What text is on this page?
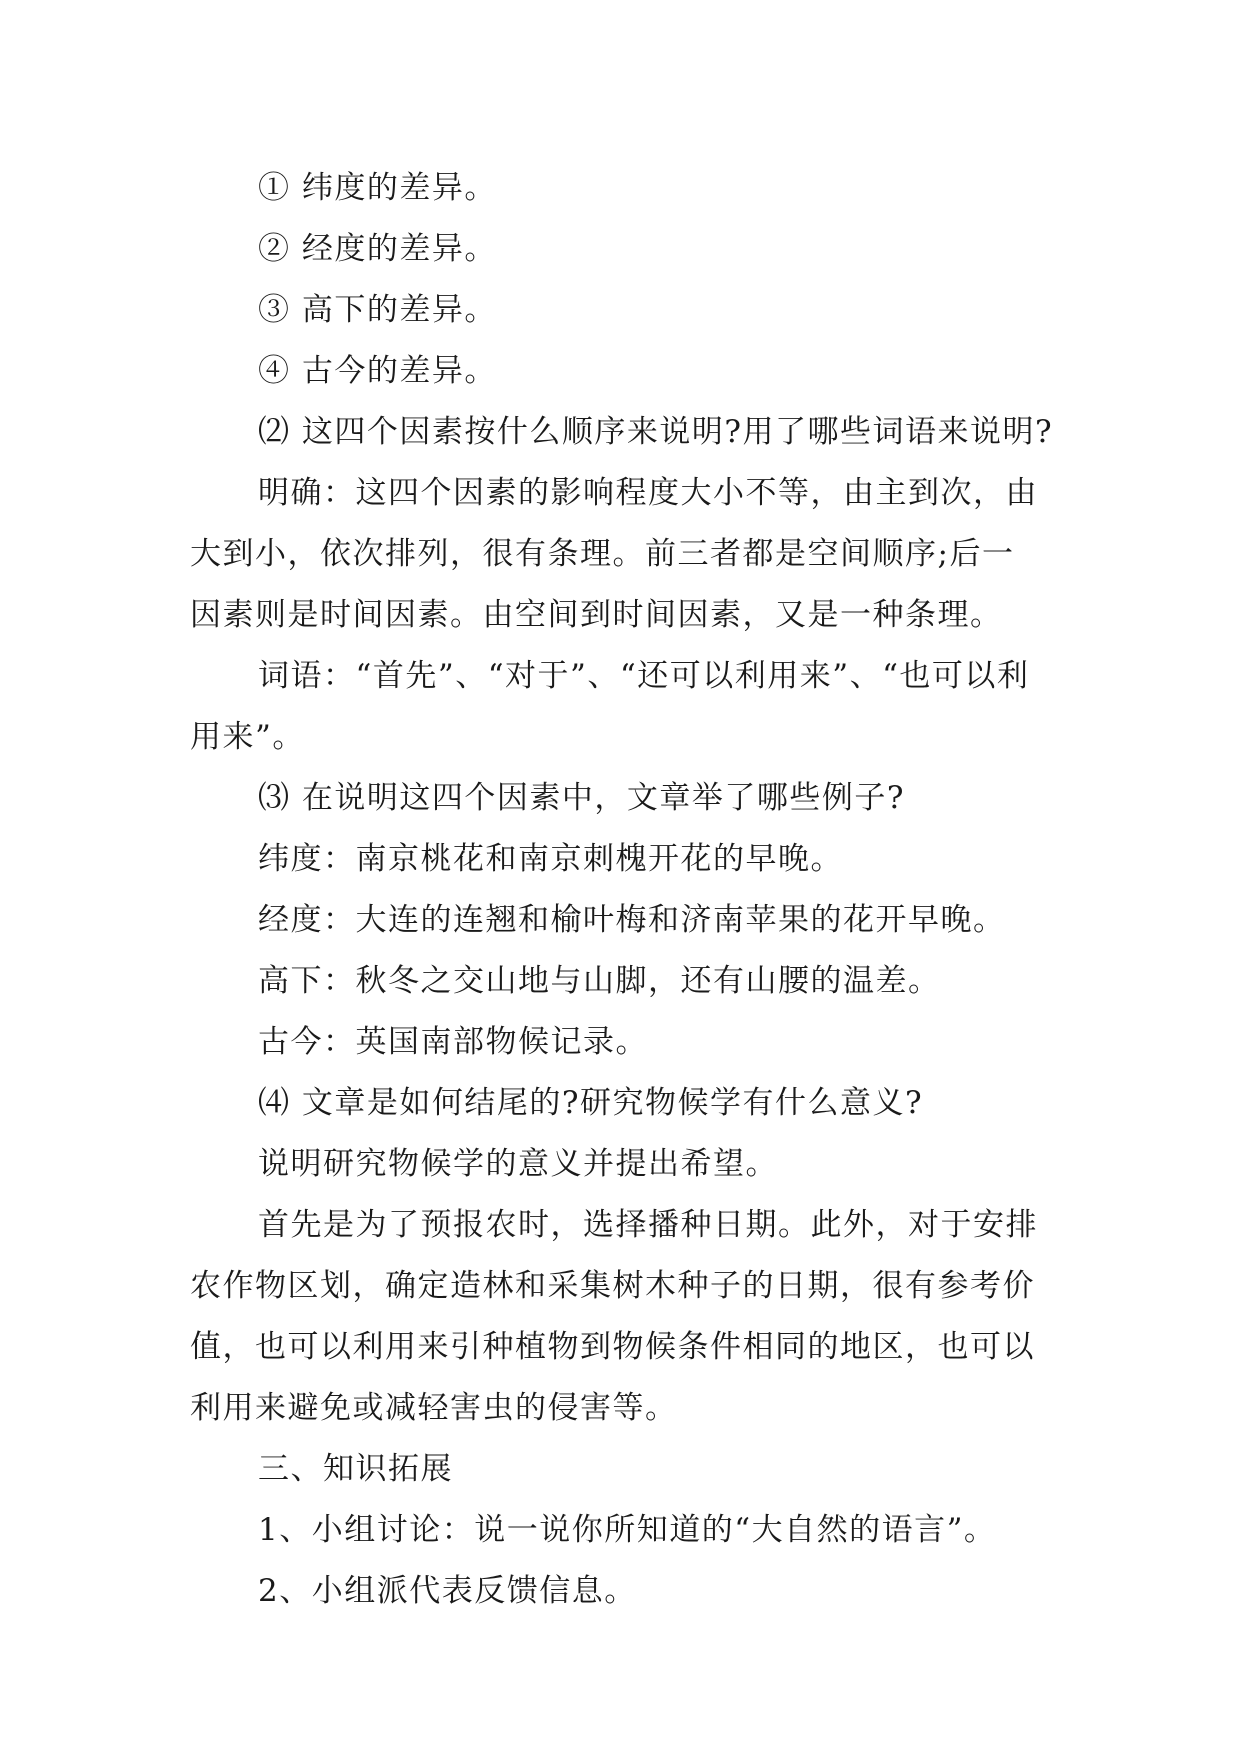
① 纬度的差异。
② 经度的差异。
③ 高下的差异。
④ 古今的差异。
⑵ 这四个因素按什么顺序来说明?用了哪些词语来说明?
明确：这四个因素的影响程度大小不等，由主到次，由
大到小，依次排列，很有条理。前三者都是空间顺序;后一
因素则是时间因素。由空间到时间因素，又是一种条理。
词语：“首先”、“对于”、“还可以利用来”、“也可以利
用来”。
⑶ 在说明这四个因素中，文章举了哪些例子?
纬度：南京桃花和南京刺槐开花的早晚。
经度：大连的连翘和榆叶梅和济南苹果的花开早晚。
高下：秋冬之交山地与山脚，还有山腰的温差。
古今：英国南部物候记录。
⑷ 文章是如何结尾的?研究物候学有什么意义?
说明研究物候学的意义并提出希望。
首先是为了预报农时，选择播种日期。此外，对于安排
农作物区划，确定造林和采集树木种子的日期，很有参考价
值，也可以利用来引种植物到物候条件相同的地区，也可以
利用来避免或减轻害虫的侵害等。
三、知识拓展
1、小组讨论：说一说你所知道的“大自然的语言”。
2、小组派代表反馈信息。
